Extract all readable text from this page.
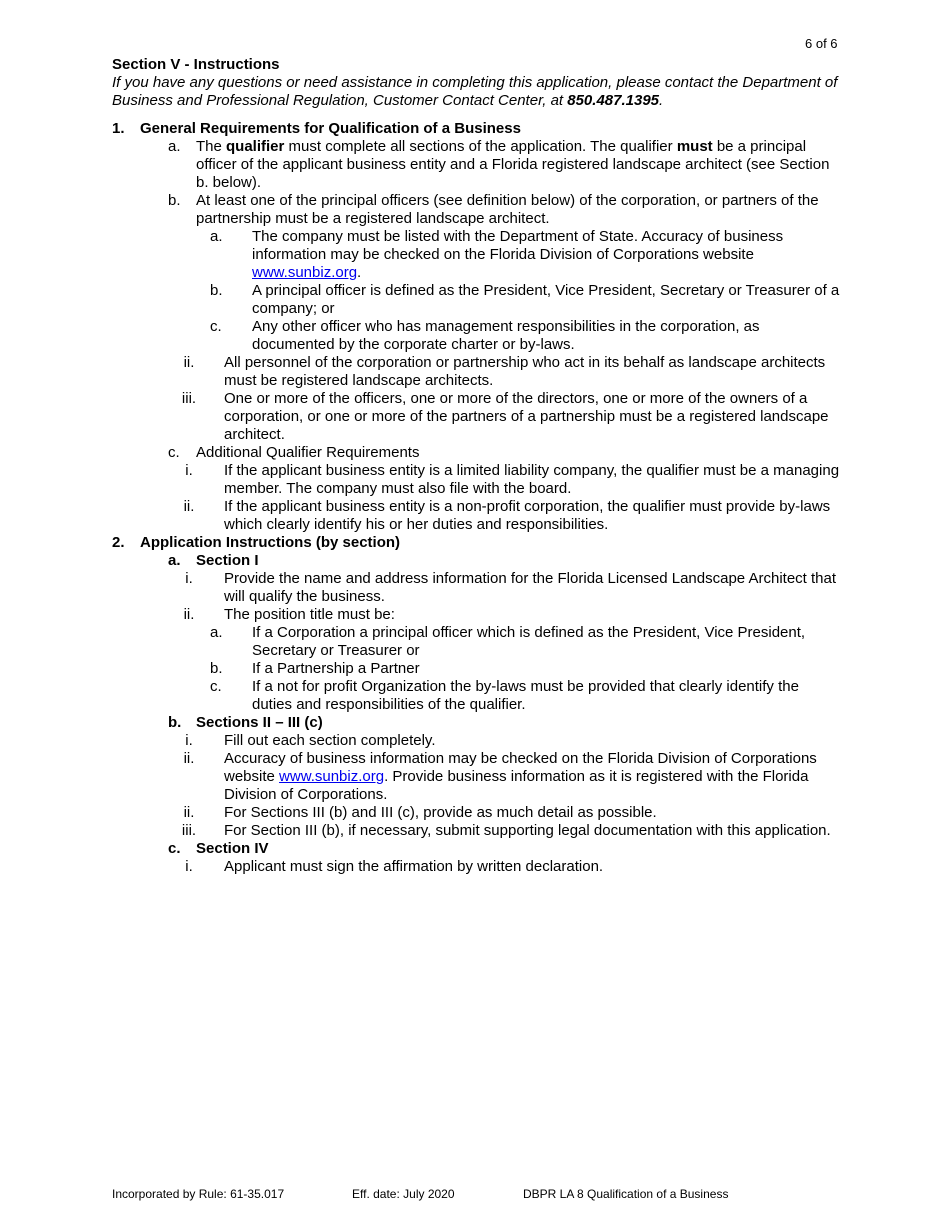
6 of 6
Section V - Instructions
If you have any questions or need assistance in completing this application, please contact the Department of Business and Professional Regulation, Customer Contact Center, at 850.487.1395.
1.	General Requirements for Qualification of a Business
a.	The qualifier must complete all sections of the application. The qualifier must be a principal officer of the applicant business entity and a Florida registered landscape architect (see Section b. below).
b.	At least one of the principal officers (see definition below) of the corporation, or partners of the partnership must be a registered landscape architect.
a.	The company must be listed with the Department of State. Accuracy of business information may be checked on the Florida Division of Corporations website www.sunbiz.org.
b.	A principal officer is defined as the President, Vice President, Secretary or Treasurer of a company; or
c.	Any other officer who has management responsibilities in the corporation, as documented by the corporate charter or by-laws.
ii.	All personnel of the corporation or partnership who act in its behalf as landscape architects must be registered landscape architects.
iii.	One or more of the officers, one or more of the directors, one or more of the owners of a corporation, or one or more of the partners of a partnership must be a registered landscape architect.
c.	Additional Qualifier Requirements
i.	If the applicant business entity is a limited liability company, the qualifier must be a managing member. The company must also file with the board.
ii.	If the applicant business entity is a non-profit corporation, the qualifier must provide by-laws which clearly identify his or her duties and responsibilities.
2.	Application Instructions (by section)
a.	Section I
i.	Provide the name and address information for the Florida Licensed Landscape Architect that will qualify the business.
ii.	The position title must be:
a.	If a Corporation a principal officer which is defined as the President, Vice President, Secretary or Treasurer or
b.	If a Partnership a Partner
c.	If a not for profit Organization the by-laws must be provided that clearly identify the duties and responsibilities of the qualifier.
b. Sections II – III (c)
i.	Fill out each section completely.
ii.	Accuracy of business information may be checked on the Florida Division of Corporations website www.sunbiz.org. Provide business information as it is registered with the Florida Division of Corporations.
ii.	For Sections III (b) and III (c), provide as much detail as possible.
iii.	For Section III (b), if necessary, submit supporting legal documentation with this application.
c.	Section IV
i.	Applicant must sign the affirmation by written declaration.
Incorporated by Rule: 61-35.017	Eff. date: July 2020	DBPR LA 8 Qualification of a Business
